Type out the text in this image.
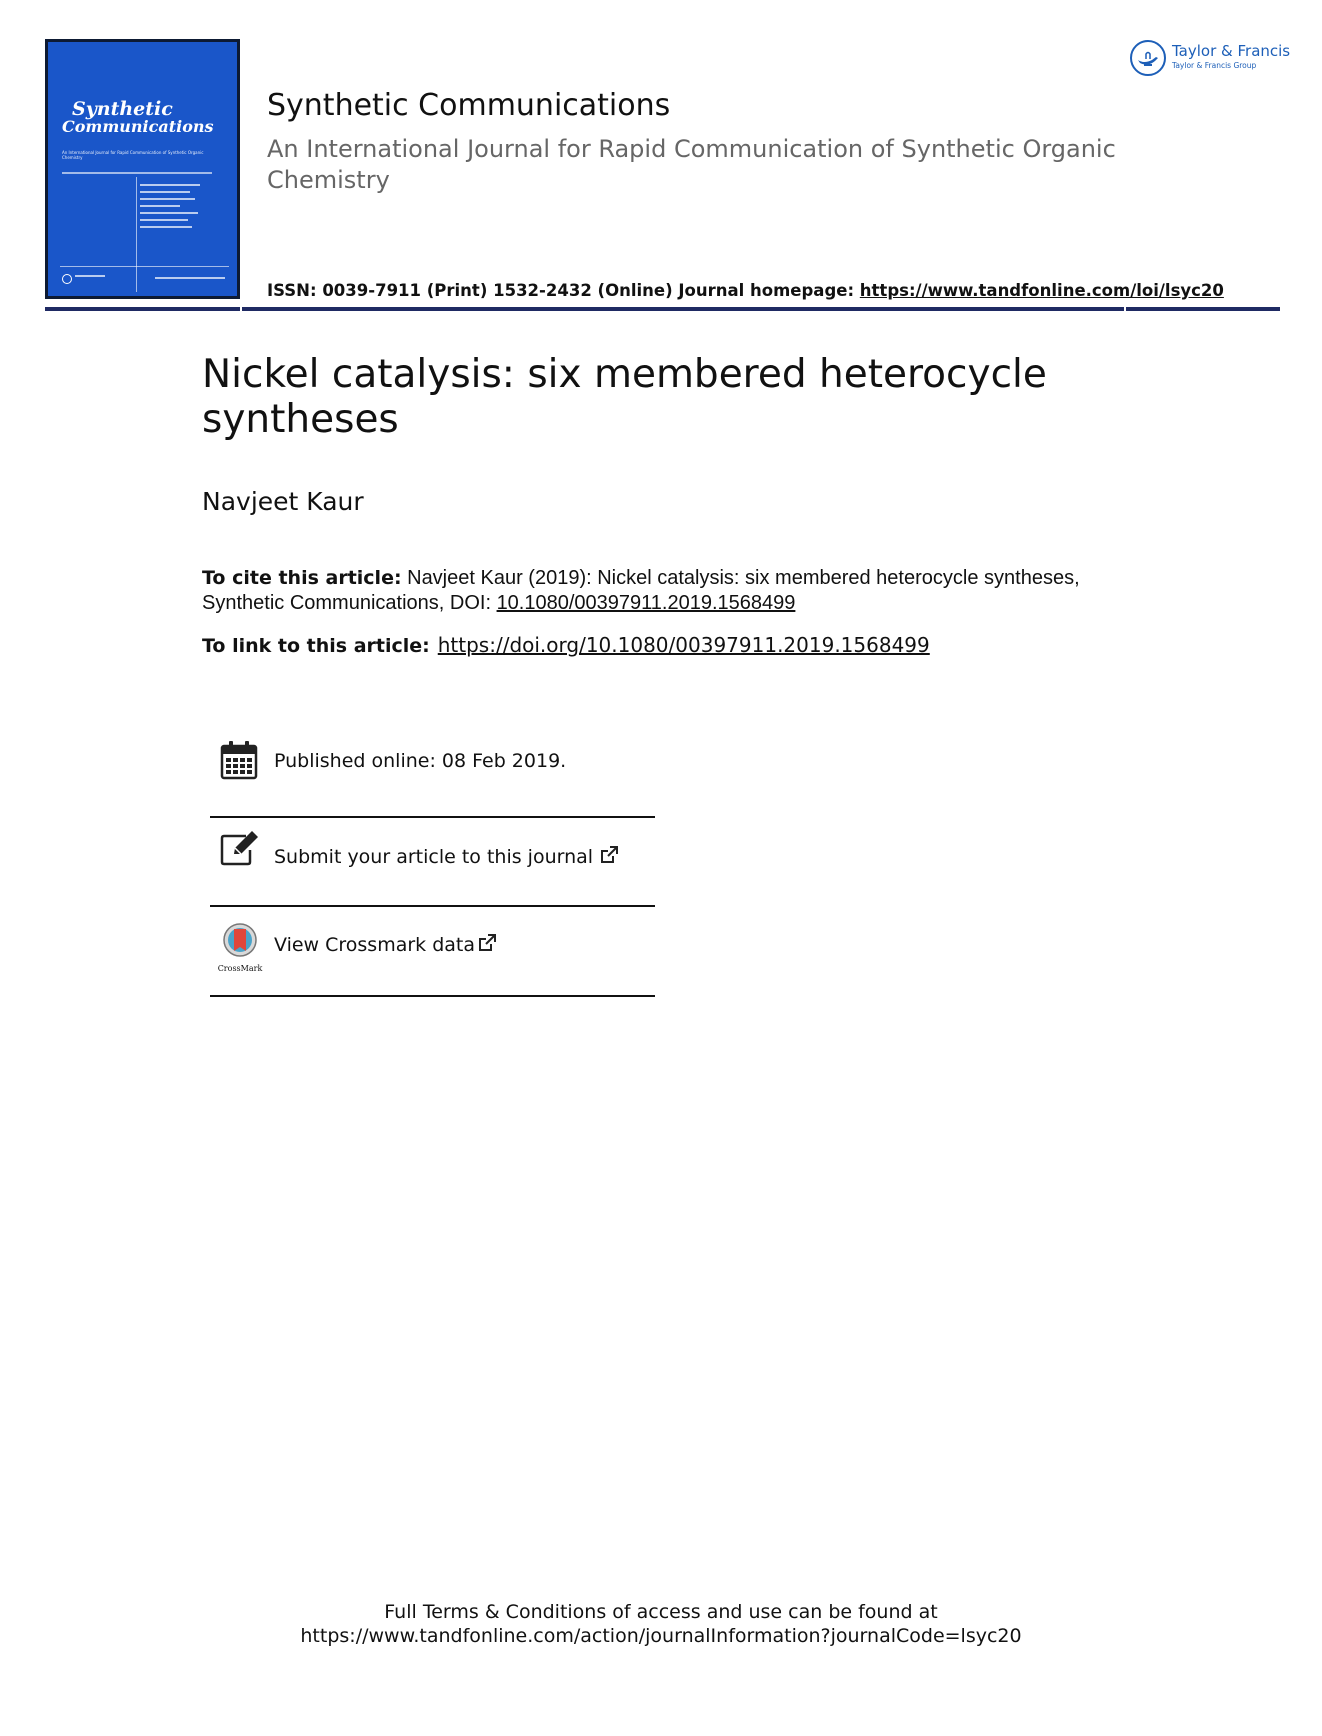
Synthetic
Communications
An International Journal for Rapid Communication of Synthetic Organic Chemistry
Synthetic Communications
An International Journal for Rapid Communication of Synthetic Organic Chemistry
ISSN: 0039-7911 (Print) 1532-2432 (Online) Journal homepage: https://www.tandfonline.com/loi/lsyc20
Taylor & Francis
Taylor & Francis Group
Nickel catalysis: six membered heterocycle syntheses
Navjeet Kaur
To cite this article: Navjeet Kaur (2019): Nickel catalysis: six membered heterocycle syntheses, Synthetic Communications, DOI: 10.1080/00397911.2019.1568499
To link to this article: https://doi.org/10.1080/00397911.2019.1568499
Published online: 08 Feb 2019.
Submit your article to this journal
CrossMark
View Crossmark data
Full Terms & Conditions of access and use can be found at
https://www.tandfonline.com/action/journalInformation?journalCode=lsyc20
